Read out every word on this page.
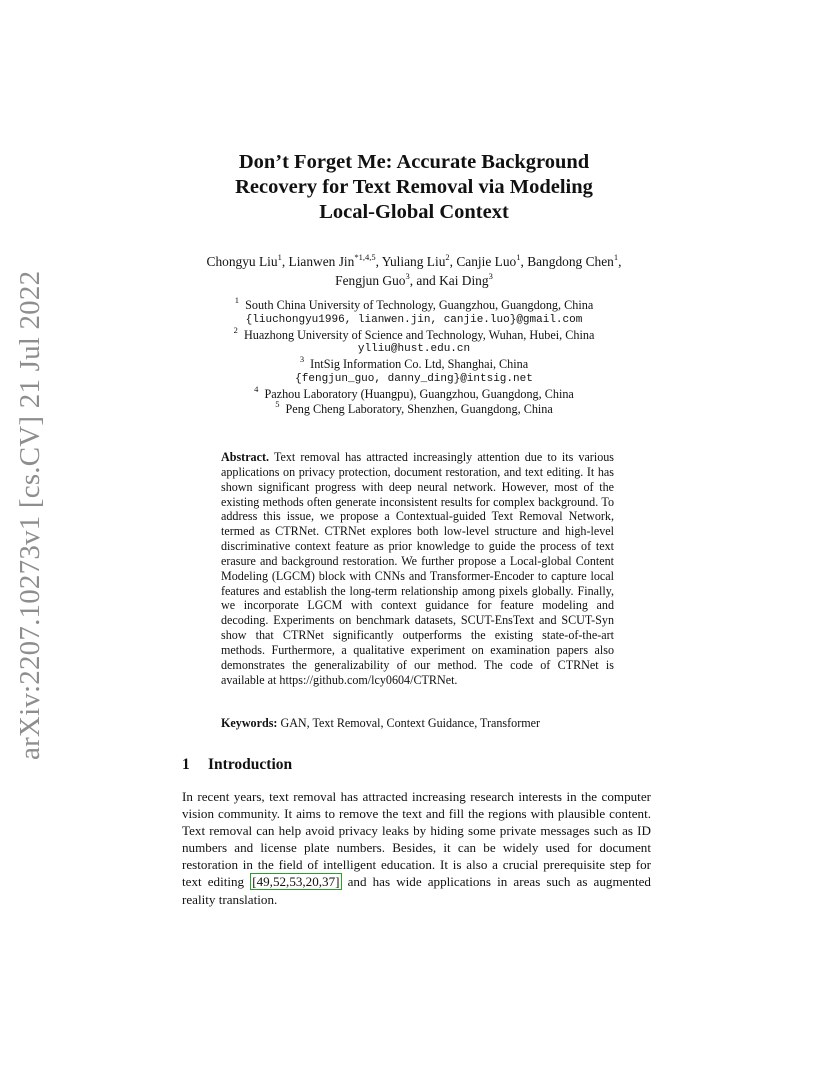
arXiv:2207.10273v1 [cs.CV] 21 Jul 2022
Don’t Forget Me: Accurate Background
Recovery for Text Removal via Modeling
Local-Global Context
Chongyu Liu$^1$, Lianwen Jin$^{*1,4,5}$, Yuliang Liu$^2$, Canjie Luo$^1$, Bangdong Chen$^1$,
Fengjun Guo$^3$, and Kai Ding$^3$
$^1$ South China University of Technology, Guangzhou, Guangdong, China
{liuchongyu1996, lianwen.jin, canjie.luo}@gmail.com
$^2$ Huazhong University of Science and Technology, Wuhan, Hubei, China
ylliu@hust.edu.cn
$^3$ IntSig Information Co. Ltd, Shanghai, China
{fengjun_guo, danny_ding}@intsig.net
$^4$ Pazhou Laboratory (Huangpu), Guangzhou, Guangdong, China
$^5$ Peng Cheng Laboratory, Shenzhen, Guangdong, China
Abstract. Text removal has attracted increasingly attention due to its various applications on privacy protection, document restoration, and text editing. It has shown significant progress with deep neural network. However, most of the existing methods often generate inconsistent results for complex background. To address this issue, we propose a Contextual-guided Text Removal Network, termed as CTRNet. CTRNet explores both low-level structure and high-level discriminative context feature as prior knowledge to guide the process of text erasure and background restoration. We further propose a Local-global Content Modeling (LGCM) block with CNNs and Transformer-Encoder to capture local features and establish the long-term relationship among pixels globally. Finally, we incorporate LGCM with context guidance for feature modeling and decoding. Experiments on benchmark datasets, SCUT-EnsText and SCUT-Syn show that CTRNet significantly outperforms the existing state-of-the-art methods. Furthermore, a qualitative experiment on examination papers also demonstrates the generalizability of our method. The code of CTRNet is available at https://github.com/lcy0604/CTRNet.
Keywords: GAN, Text Removal, Context Guidance, Transformer
1 Introduction
In recent years, text removal has attracted increasing research interests in the computer vision community. It aims to remove the text and fill the regions with plausible content. Text removal can help avoid privacy leaks by hiding some private messages such as ID numbers and license plate numbers. Besides, it can be widely used for document restoration in the field of intelligent education. It is also a crucial prerequisite step for text editing [49,52,53,20,37] and has wide applications in areas such as augmented reality translation.
